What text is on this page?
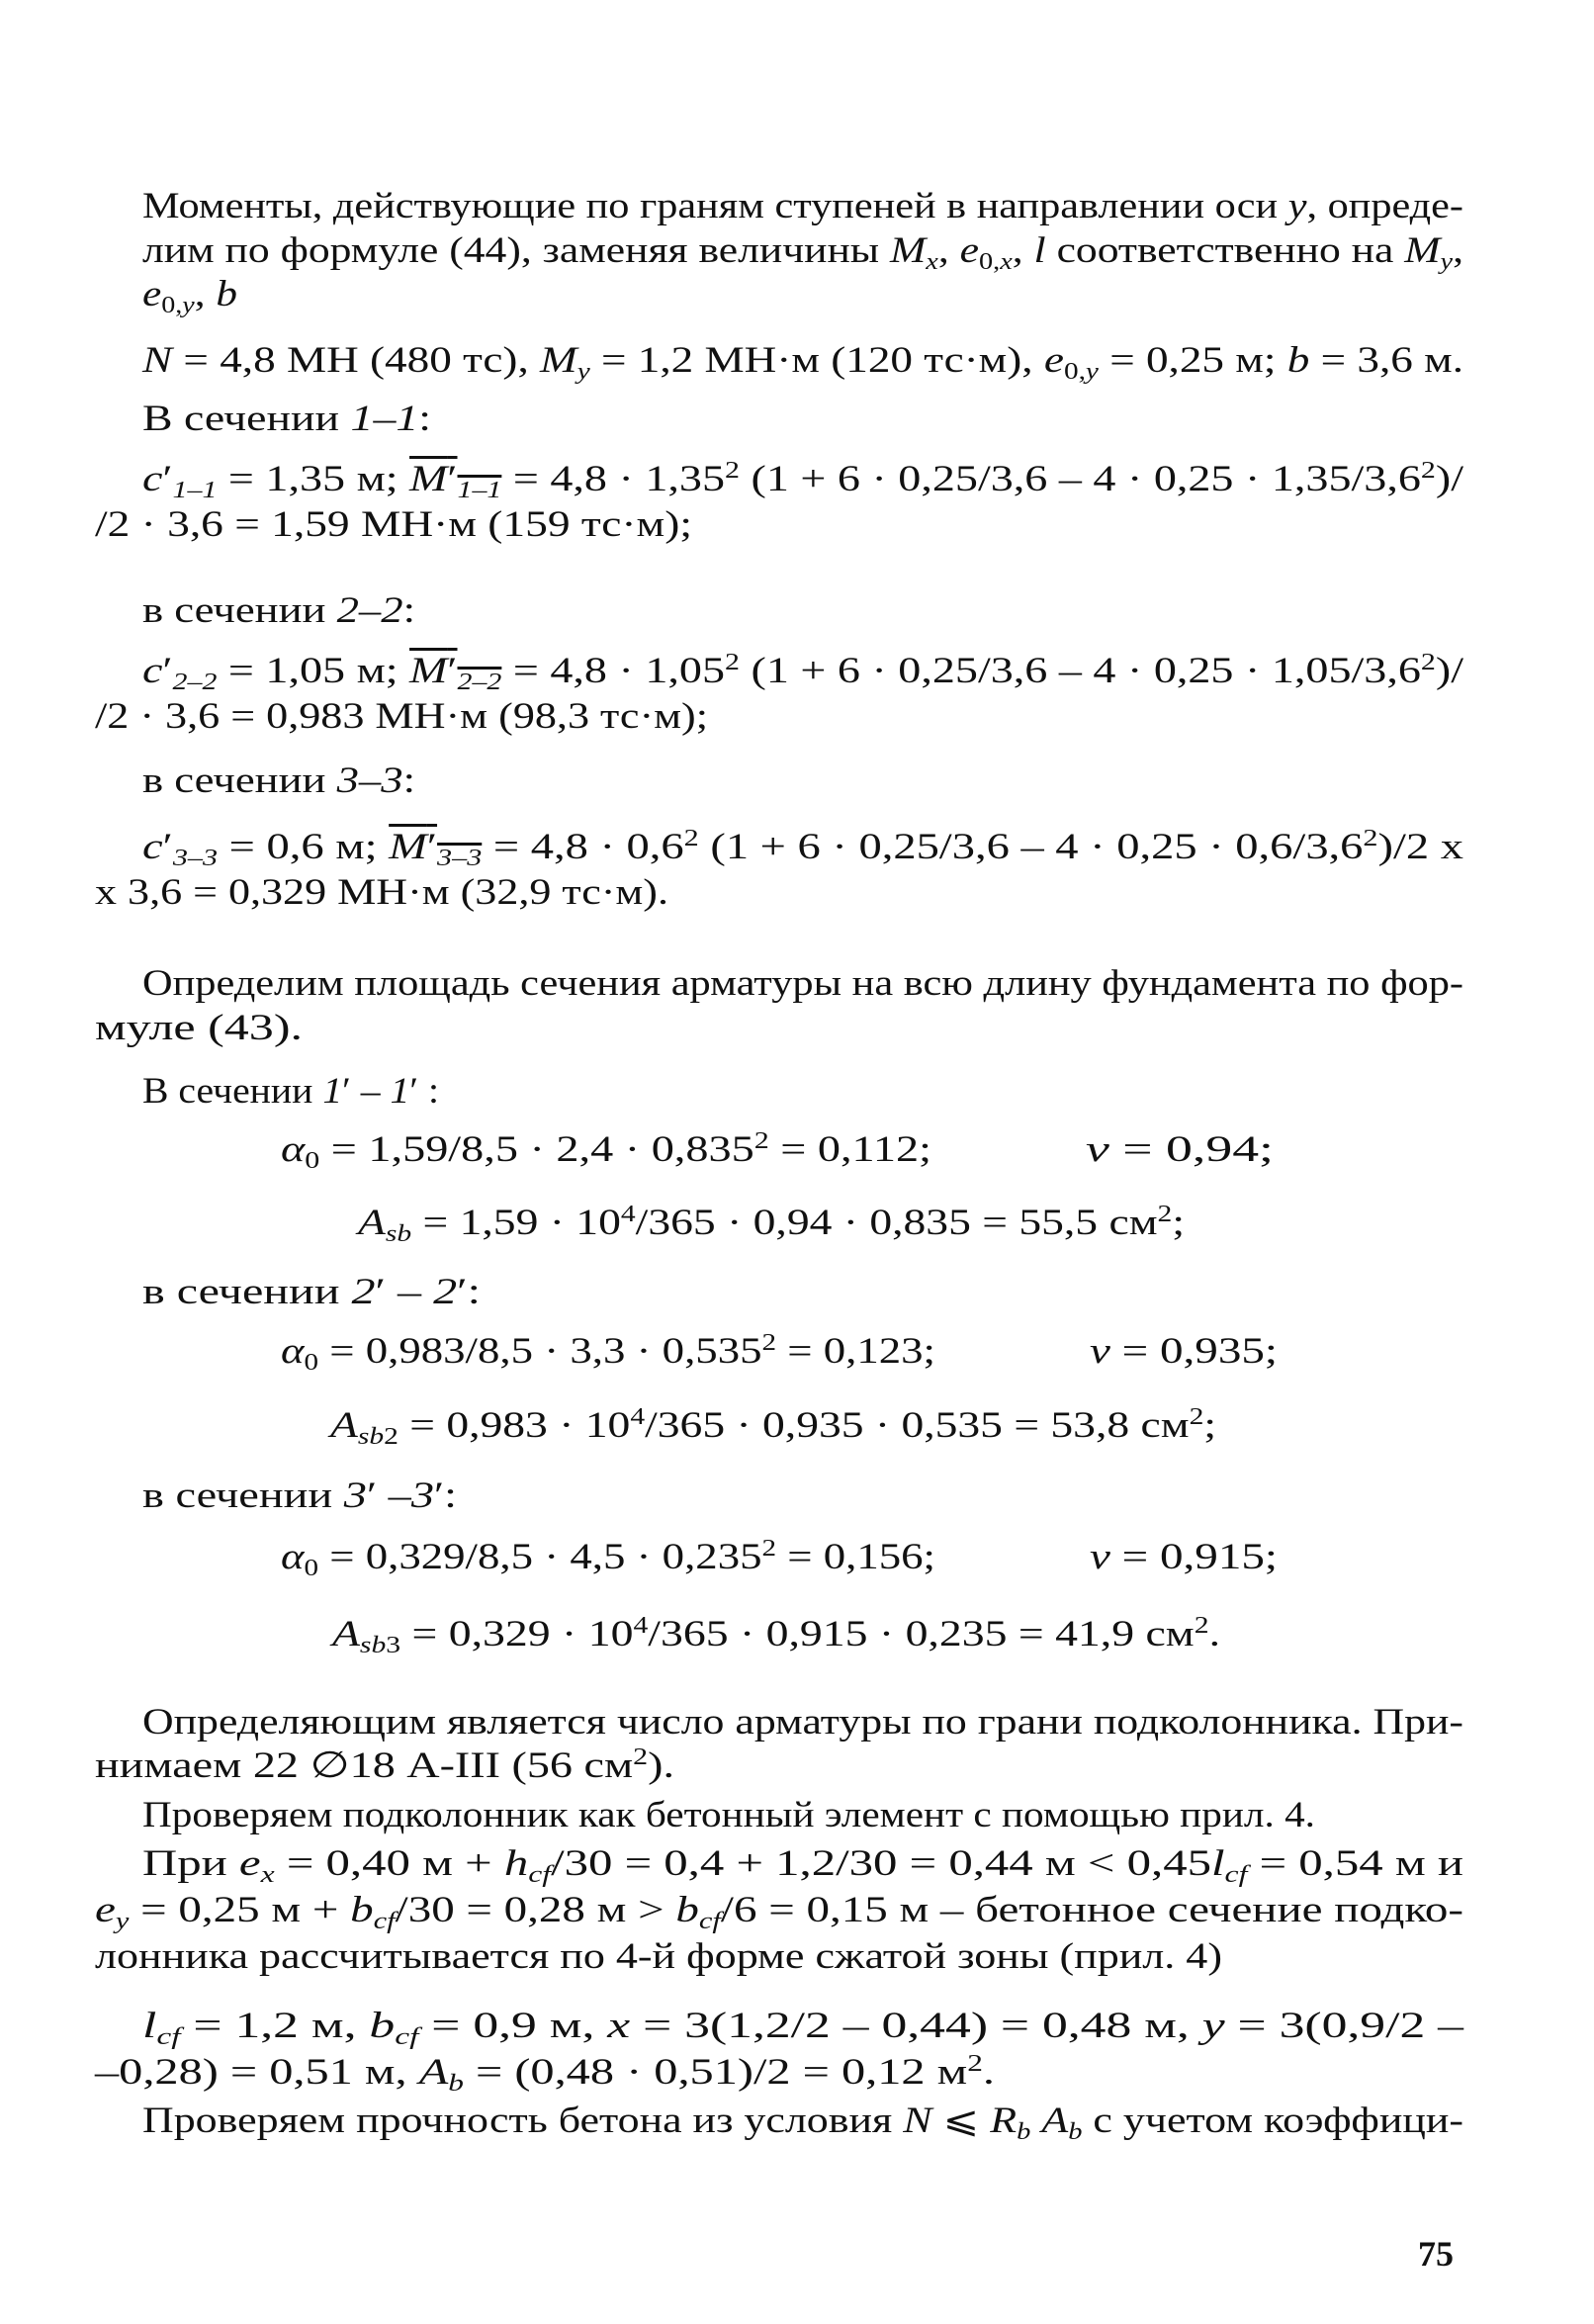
Моменты, действующие по граням ступеней в направлении оси y, опреде-
лим по формуле (44), заменяя величины $M_x$, $e_{0,x}$, l соответственно на $M_y$,
$e_{0,y}$, b
N = 4,8 МН (480 тс), $M_y = 1,2$ МН·м (120 тс·м), $e_{0,y} = 0,25$ м; b = 3,6 м.
В сечении 1–1:
$c'_{1-1} = 1,35$ м; $M'_{1-1} = 4,8 \cdot 1,35^2$ $(1 + 6 \cdot 0,25/3,6 - 4 \cdot 0,25 \cdot 1,35/3,6^2)/$
/2 · 3,6 = 1,59 МН·м (159 тс·м);
в сечении 2–2:
$c'_{2-2} = 1,05$ м; $M'_{2-2} = 4,8 \cdot 1,05^2$ $(1 + 6 \cdot 0,25/3,6 - 4 \cdot 0,25 \cdot 1,05/3,6^2)/$
/2 · 3,6 = 0,983 МН·м (98,3 тс·м);
в сечении 3–3:
$c'_{3-3} = 0,6$ м; $M'_{3-3} = 4,8 \cdot 0,6^2$ $(1 + 6 \cdot 0,25/3,6 - 4 \cdot 0,25 \cdot 0,6/3,6^2)/2$ х
х 3,6 = 0,329 МН·м (32,9 тс·м).
Определим площадь сечения арматуры на всю длину фундамента по фор-
муле (43).
В сечении 1′ – 1′ :
$\alpha_0 = 1,59/8,5 \cdot 2,4 \cdot 0,835^2 = 0,112$;	ν = 0,94;
$A_{sb} = 1,59 \cdot 10^4/365 \cdot 0,94 \cdot 0,835 = 55,5$ $см^2$;
в сечении 2′ – 2′:
$\alpha_0 = 0,983/8,5 \cdot 3,3 \cdot 0,535^2 = 0,123$;	ν = 0,935;
$A_{sb2} = 0,983 \cdot 10^4/365 \cdot 0,935 \cdot 0,535 = 53,8$ $см^2$;
в сечении 3′ –3′:
$\alpha_0 = 0,329/8,5 \cdot 4,5 \cdot 0,235^2 = 0,156$;	ν = 0,915;
$A_{sb3} = 0,329 \cdot 10^4/365 \cdot 0,915 \cdot 0,235 = 41,9$ $см^2$.
Определяющим является число арматуры по грани подколонника. При-
нимаем 22 ∅18 А-III (56 $см^2$).
Проверяем подколонник как бетонный элемент с помощью прил. 4.
При $e_x = 0,40$ $м + h_{cf}/30 = 0,4 + 1,2/30 = 0,44$ $м < 0,45l_{cf} = 0,54$ м и
$e_y = 0,25$ $м + b_{cf}/30 = 0,28$ $м > b_{cf}/6 = 0,15$ м – бетонное сечение подко-
лонника рассчитывается по 4-й форме сжатой зоны (прил. 4)
$l_{cf} = 1,2$ м, $b_{cf} = 0,9$ м, x = 3(1,2/2 – 0,44) = 0,48 м, y = 3(0,9/2 –
–0,28) = 0,51 м, $A_b = (0,48 \cdot 0,51)/2 = 0,12$ $м^2$.
Проверяем прочность бетона из условия N ⩽ $R_b$ $A_b$ с учетом коэффици-
75
